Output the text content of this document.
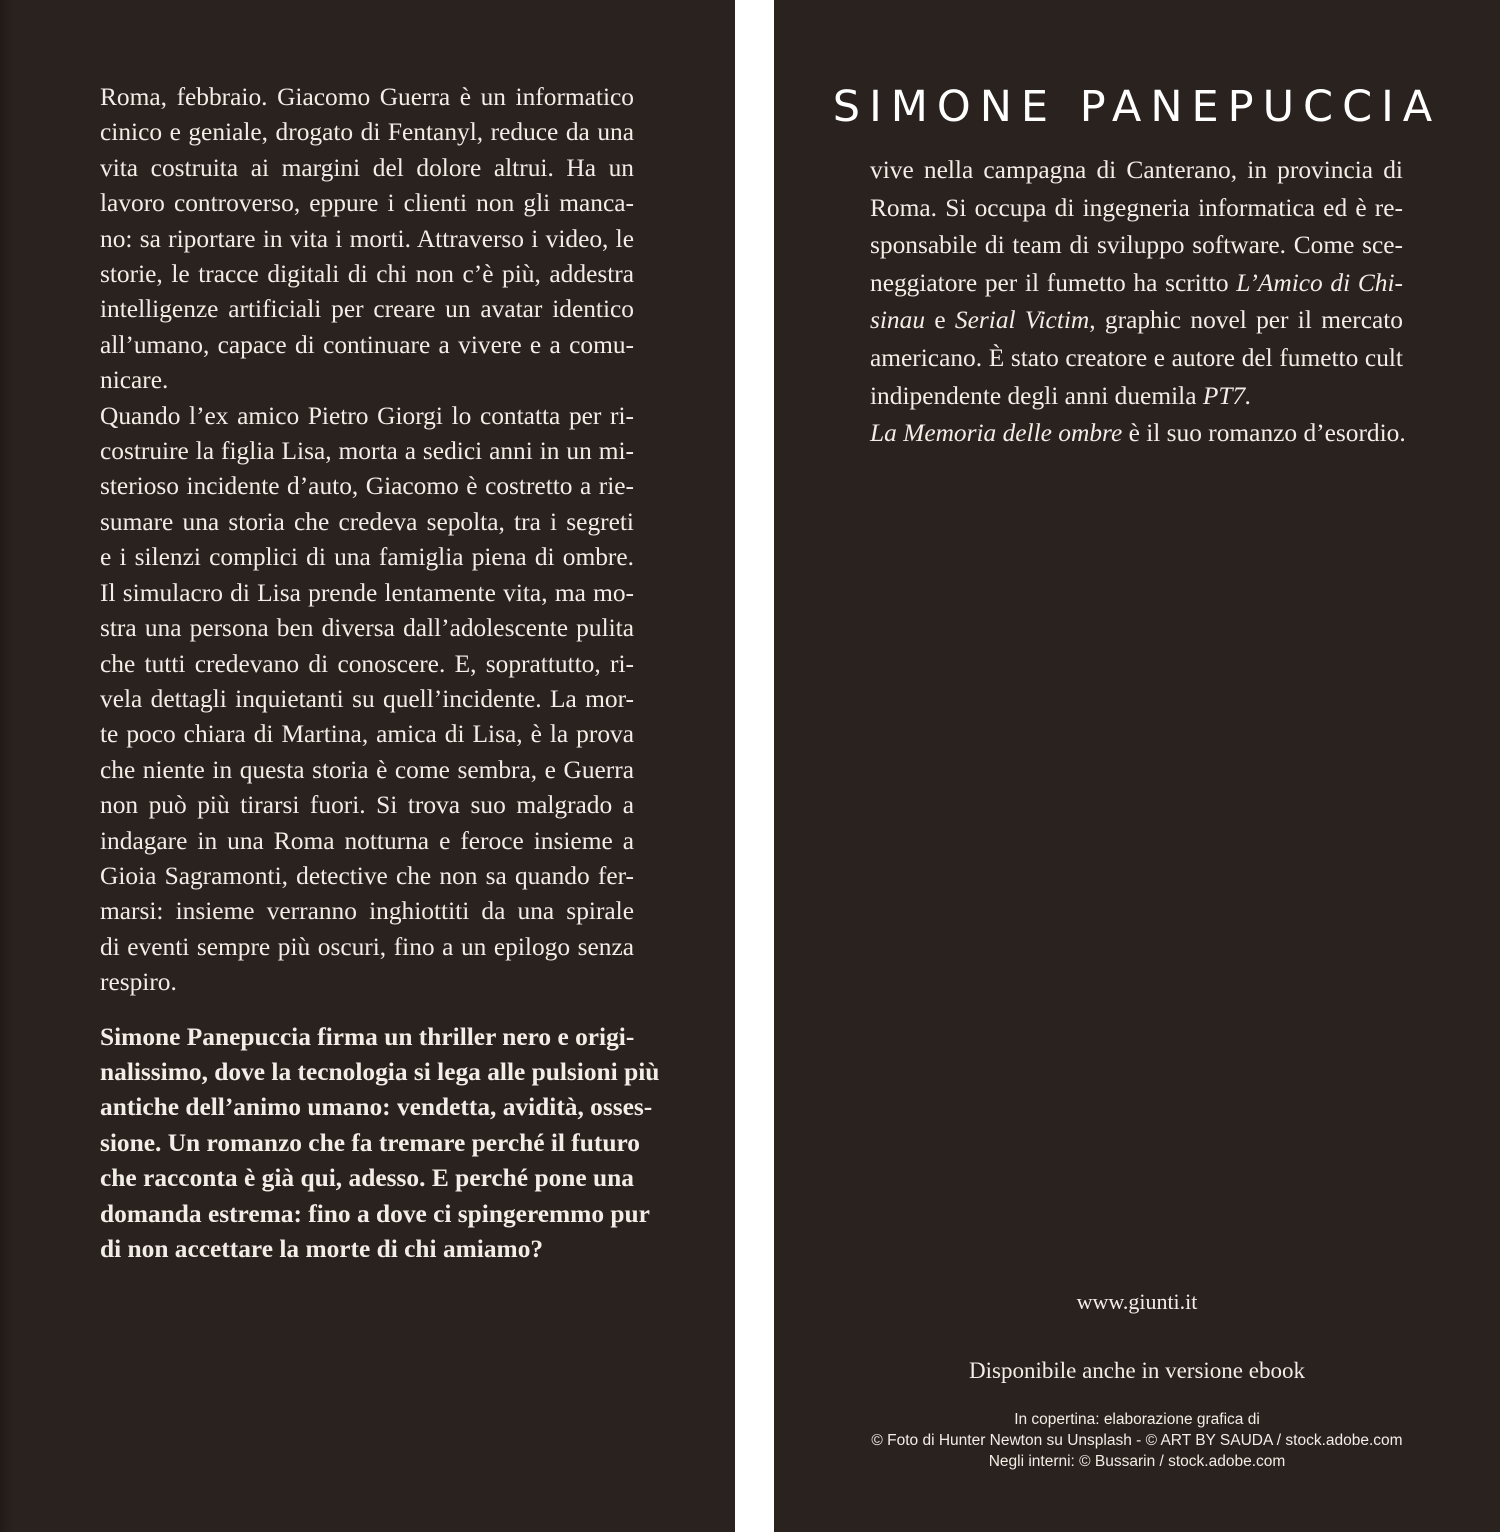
Roma, febbraio. Giacomo Guerra è un informatico
cinico e geniale, drogato di Fentanyl, reduce da una
vita costruita ai margini del dolore altrui. Ha un
lavoro controverso, eppure i clienti non gli manca-
no: sa riportare in vita i morti. Attraverso i video, le
storie, le tracce digitali di chi non c’è più, addestra
intelligenze artificiali per creare un avatar identico
all’umano, capace di continuare a vivere e a comu-
nicare.
Quando l’ex amico Pietro Giorgi lo contatta per ri-
costruire la figlia Lisa, morta a sedici anni in un mi-
sterioso incidente d’auto, Giacomo è costretto a rie-
sumare una storia che credeva sepolta, tra i segreti
e i silenzi complici di una famiglia piena di ombre.
Il simulacro di Lisa prende lentamente vita, ma mo-
stra una persona ben diversa dall’adolescente pulita
che tutti credevano di conoscere. E, soprattutto, ri-
vela dettagli inquietanti su quell’incidente. La mor-
te poco chiara di Martina, amica di Lisa, è la prova
che niente in questa storia è come sembra, e Guerra
non può più tirarsi fuori. Si trova suo malgrado a
indagare in una Roma notturna e feroce insieme a
Gioia Sagramonti, detective che non sa quando fer-
marsi: insieme verranno inghiottiti da una spirale
di eventi sempre più oscuri, fino a un epilogo senza
respiro.

Simone Panepuccia firma un thriller nero e origi-
nalissimo, dove la tecnologia si lega alle pulsioni più
antiche dell’animo umano: vendetta, avidità, osses-
sione. Un romanzo che fa tremare perché il futuro
che racconta è già qui, adesso. E perché pone una
domanda estrema: fino a dove ci spingeremmo pur
di non accettare la morte di chi amiamo?

SIMONE PANEPUCCIA
vive nella campagna di Canterano, in provincia di
Roma. Si occupa di ingegneria informatica ed è re-
sponsabile di team di sviluppo software. Come sce-
neggiatore per il fumetto ha scritto L’Amico di Chi-
sinau e Serial Victim, graphic novel per il mercato
americano. È stato creatore e autore del fumetto cult
indipendente degli anni duemila PT7.
La Memoria delle ombre è il suo romanzo d’esordio.
www.giunti.it
Disponibile anche in versione ebook
In copertina: elaborazione grafica di
© Foto di Hunter Newton su Unsplash - © ART BY SAUDA / stock.adobe.com
Negli interni: © Bussarin / stock.adobe.com
